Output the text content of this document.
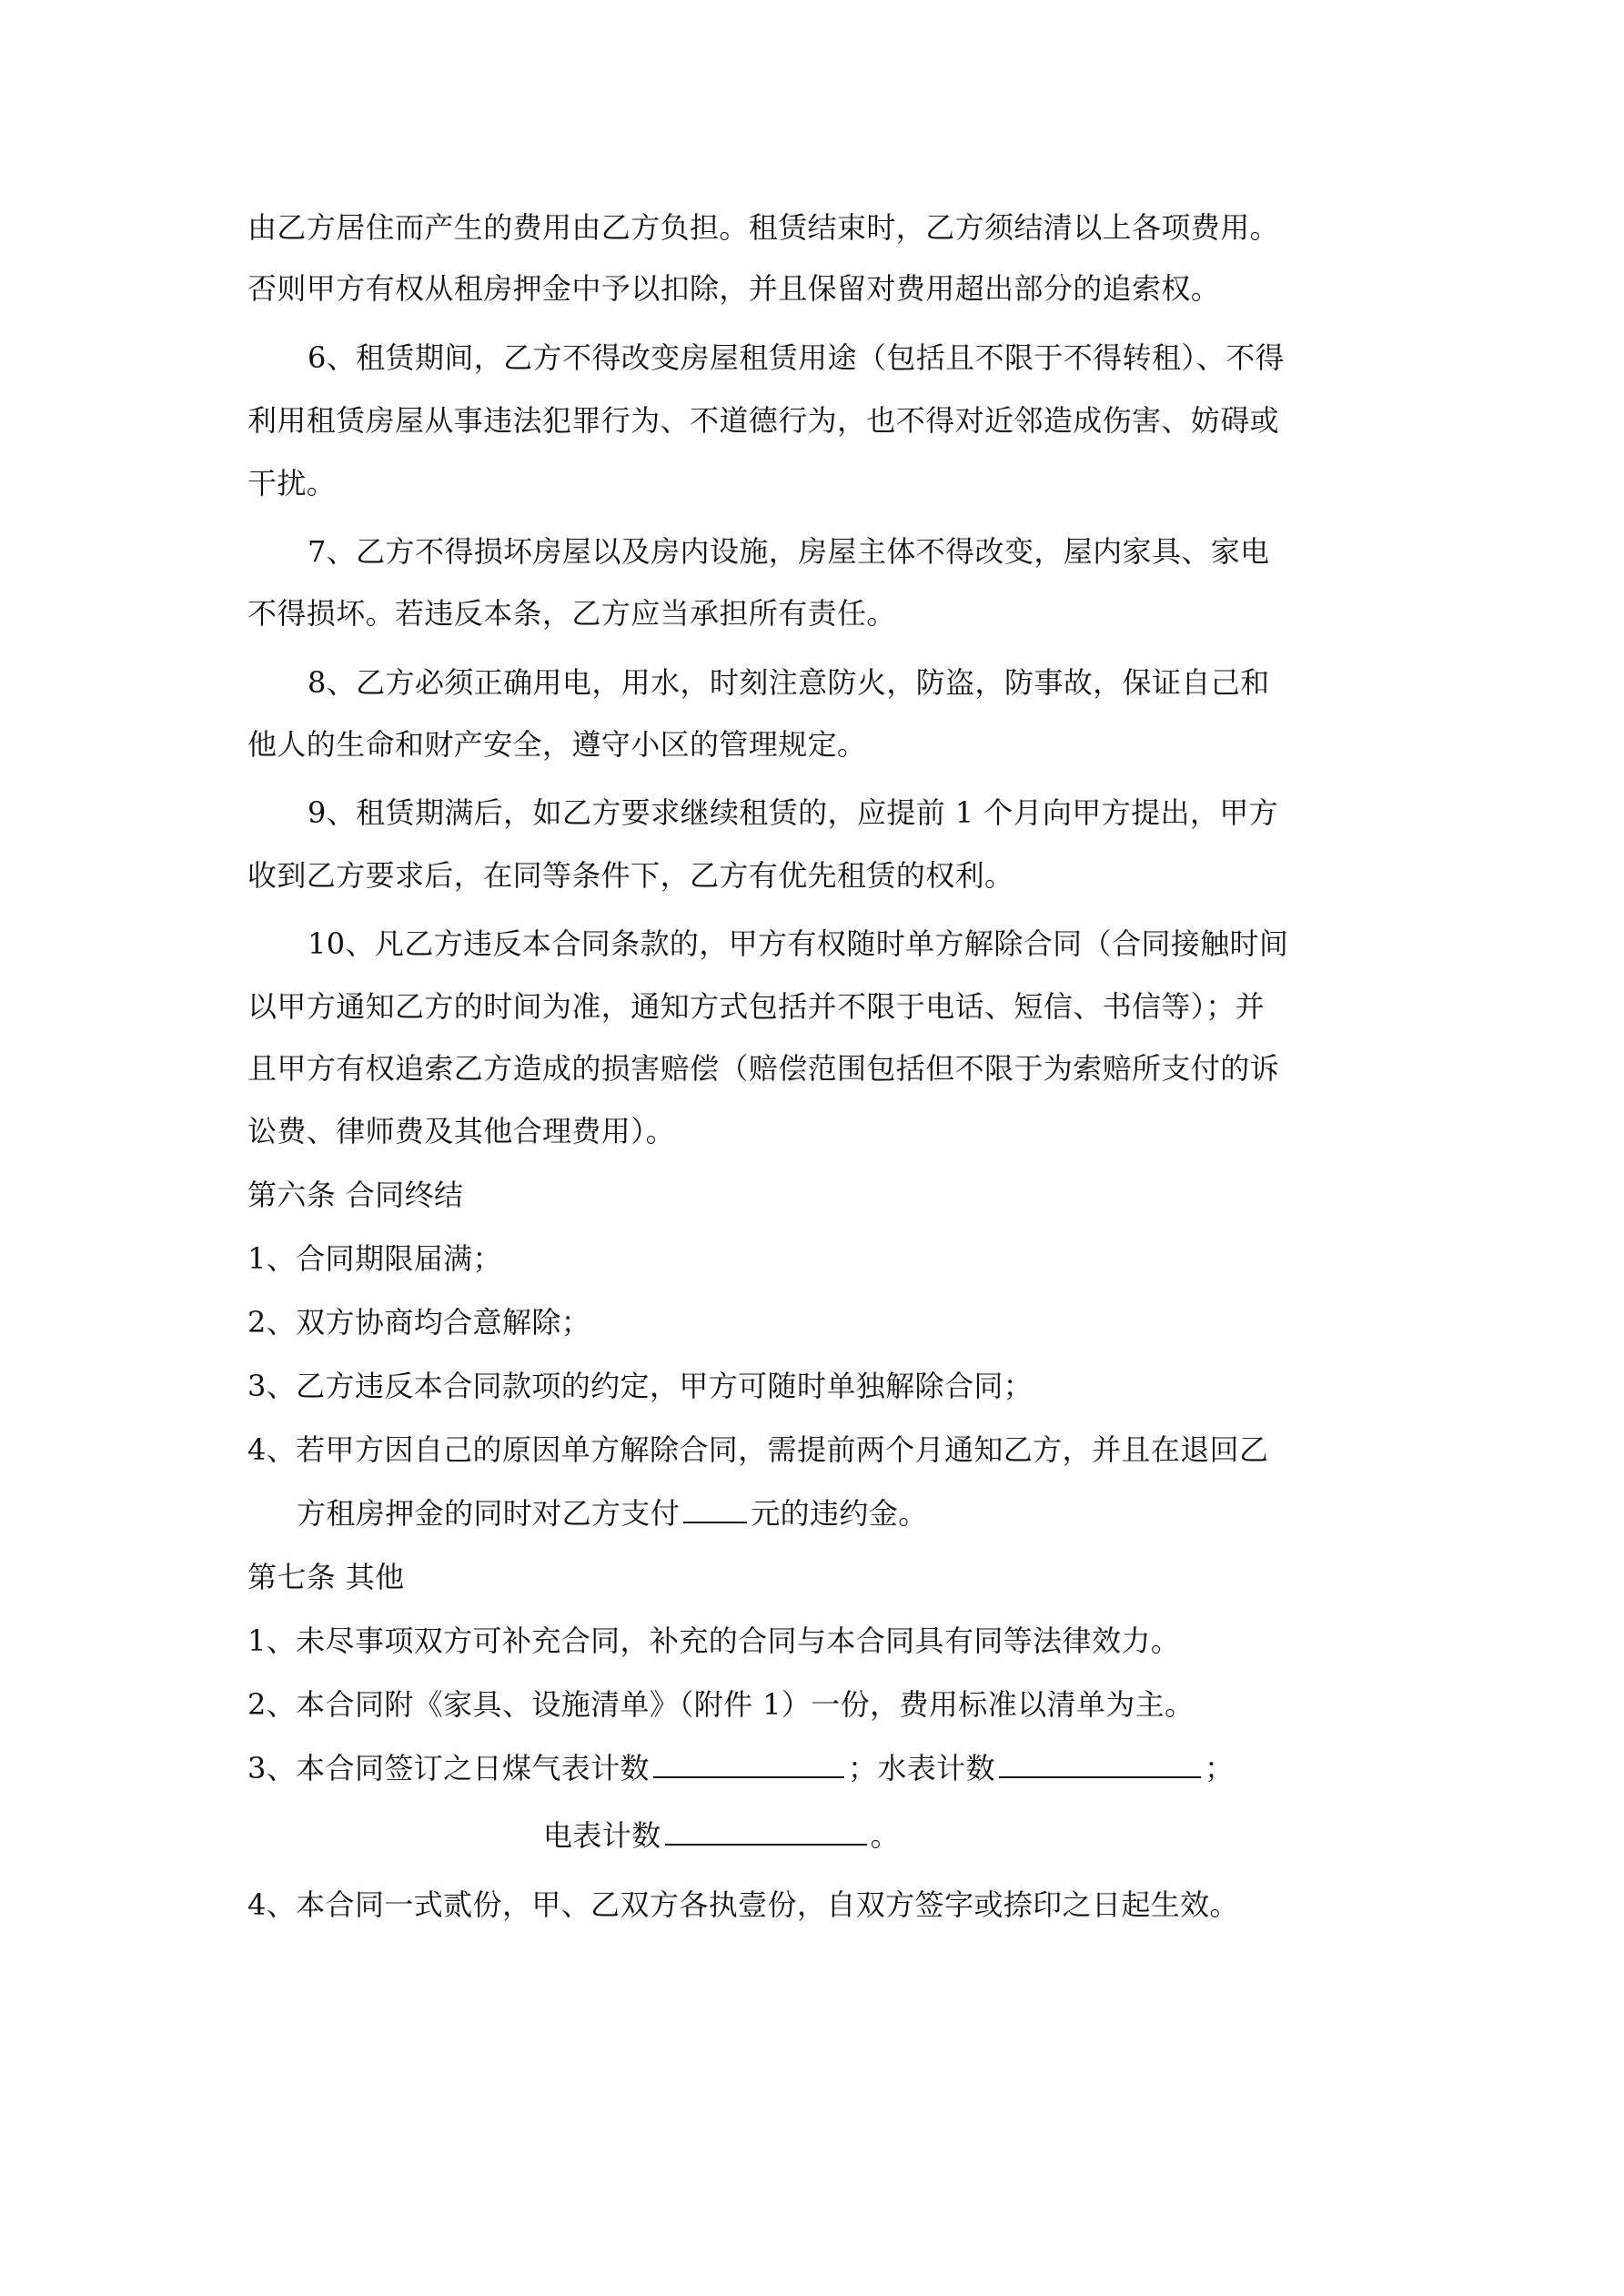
由乙方居住而产生的费用由乙方负担。租赁结束时，乙方须结清以上各项费用。
否则甲方有权从租房押金中予以扣除，并且保留对费用超出部分的追索权。
6、租赁期间，乙方不得改变房屋租赁用途（包括且不限于不得转租）、不得
利用租赁房屋从事违法犯罪行为、不道德行为，也不得对近邻造成伤害、妨碍或
干扰。
7、乙方不得损坏房屋以及房内设施，房屋主体不得改变，屋内家具、家电
不得损坏。若违反本条，乙方应当承担所有责任。
8、乙方必须正确用电，用水，时刻注意防火，防盗，防事故，保证自己和
他人的生命和财产安全，遵守小区的管理规定。
9、租赁期满后，如乙方要求继续租赁的，应提前 1 个月向甲方提出，甲方
收到乙方要求后，在同等条件下，乙方有优先租赁的权利。
10、凡乙方违反本合同条款的，甲方有权随时单方解除合同（合同接触时间
以甲方通知乙方的时间为准，通知方式包括并不限于电话、短信、书信等）；并
且甲方有权追索乙方造成的损害赔偿（赔偿范围包括但不限于为索赔所支付的诉
讼费、律师费及其他合理费用）。
第六条 合同终结
1、合同期限届满；
2、双方协商均合意解除；
3、乙方违反本合同款项的约定，甲方可随时单独解除合同；
4、若甲方因自己的原因单方解除合同，需提前两个月通知乙方，并且在退回乙
方租房押金的同时对乙方支付 元的违约金。
第七条 其他
1、未尽事项双方可补充合同，补充的合同与本合同具有同等法律效力。
2、本合同附《家具、设施清单》（附件 1）一份，费用标准以清单为主。
3、本合同签订之日煤气表计数	；水表计数	；
电表计数	。
4、本合同一式贰份，甲、乙双方各执壹份，自双方签字或捺印之日起生效。
